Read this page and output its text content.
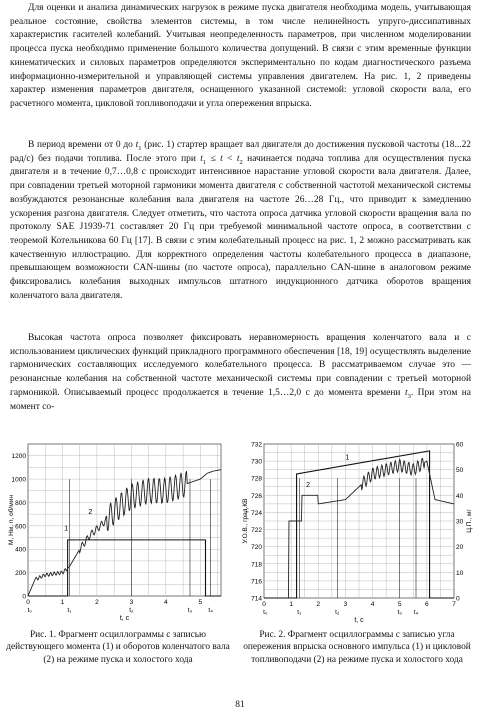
Для оценки и анализа динамических нагрузок в режиме пуска двигателя необходима модель, учитывающая реальное состояние, свойства элементов системы, в том числе нелинейность упруго-диссипативных характеристик гасителей колебаний. Учитывая неопределенность параметров, при численном моделировании процесса пуска необходимо применение большого количества допущений. В связи с этим временные функции кинематических и силовых параметров определяются экспериментально по кодам диагностического разъема информационно-измерительной и управляющей системы управления двигателем. На рис. 1, 2 приведены характер изменения параметров двигателя, оснащенного указанной системой: угловой скорости вала, его расчетного момента, цикловой топливоподачи и угла опережения впрыска.

В период времени от 0 до $t_1$ (рис. 1) стартер вращает вал двигателя до достижения пусковой частоты (18...22 рад/с) без подачи топлива. После этого при $t_1 \le t < t_2$ начинается подача топлива для осуществления пуска двигателя и в течение 0,7…0,8 с происходит интенсивное нарастание угловой скорости вала двигателя. Далее, при совпадении третьей моторной гармоники момента двигателя с собственной частотой механической системы возбуждаются резонансные колебания вала двигателя на частоте 26…28 Гц., что приводит к замедлению ускорения разгона двигателя. Следует отметить, что частота опроса датчика угловой скорости вращения вала по протоколу SAE J1939-71 составляет 20 Гц при требуемой минимальной частоте опроса, в соответствии с теоремой Котельникова 60 Гц [17]. В связи с этим колебательный процесс на рис. 1, 2 можно рассматривать как качественную иллюстрацию. Для корректного определения частоты колебательного процесса в диапазоне, превышающем возможности CAN-шины (по частоте опроса), параллельно CAN-шине в аналоговом режиме фиксировались колебания выходных импульсов штатного индукционного датчика оборотов вращения коленчатого вала двигателя.

Высокая частота опроса позволяет фиксировать неравномерность вращения коленчатого вала и с использованием циклических функций прикладного программного обеспечения [18, 19] осуществлять выделение гармонических составляющих исследуемого колебательного процесса. В рассматриваемом случае это — резонансные колебания на собственной частоте механической системы при совпадении с третьей моторной гармоникой. Описываемый процесс продолжается в течение 1,5…2,0 с до момента времени $t_3$. При этом на момент со-

0
200
400
600
800
1000
1200
0	1	2	3	4	5
t₀	t₁	t₂	t₃ t₄
t, c
M, Нм, n, об/мин	1
2

Рис. 1. Фрагмент осциллограммы с записью действующего момента (1) и оборотов коленчатого вала (2) на режиме пуска и холостого хода

714
716
718
720
722
724
726
728
730
732
0
10
20
30
40
50
60
0	1	2	3	4	5	6	7
t₀	t₁	t₂	t₃ t₄
t, c
У.О.В., град.КВ	Ц.П., мг
1
2

Рис. 2. Фрагмент осциллограммы с записью угла опережения впрыска основного импульса (1) и цикловой топливоподачи (2) на режиме пуска и холостого хода

81
